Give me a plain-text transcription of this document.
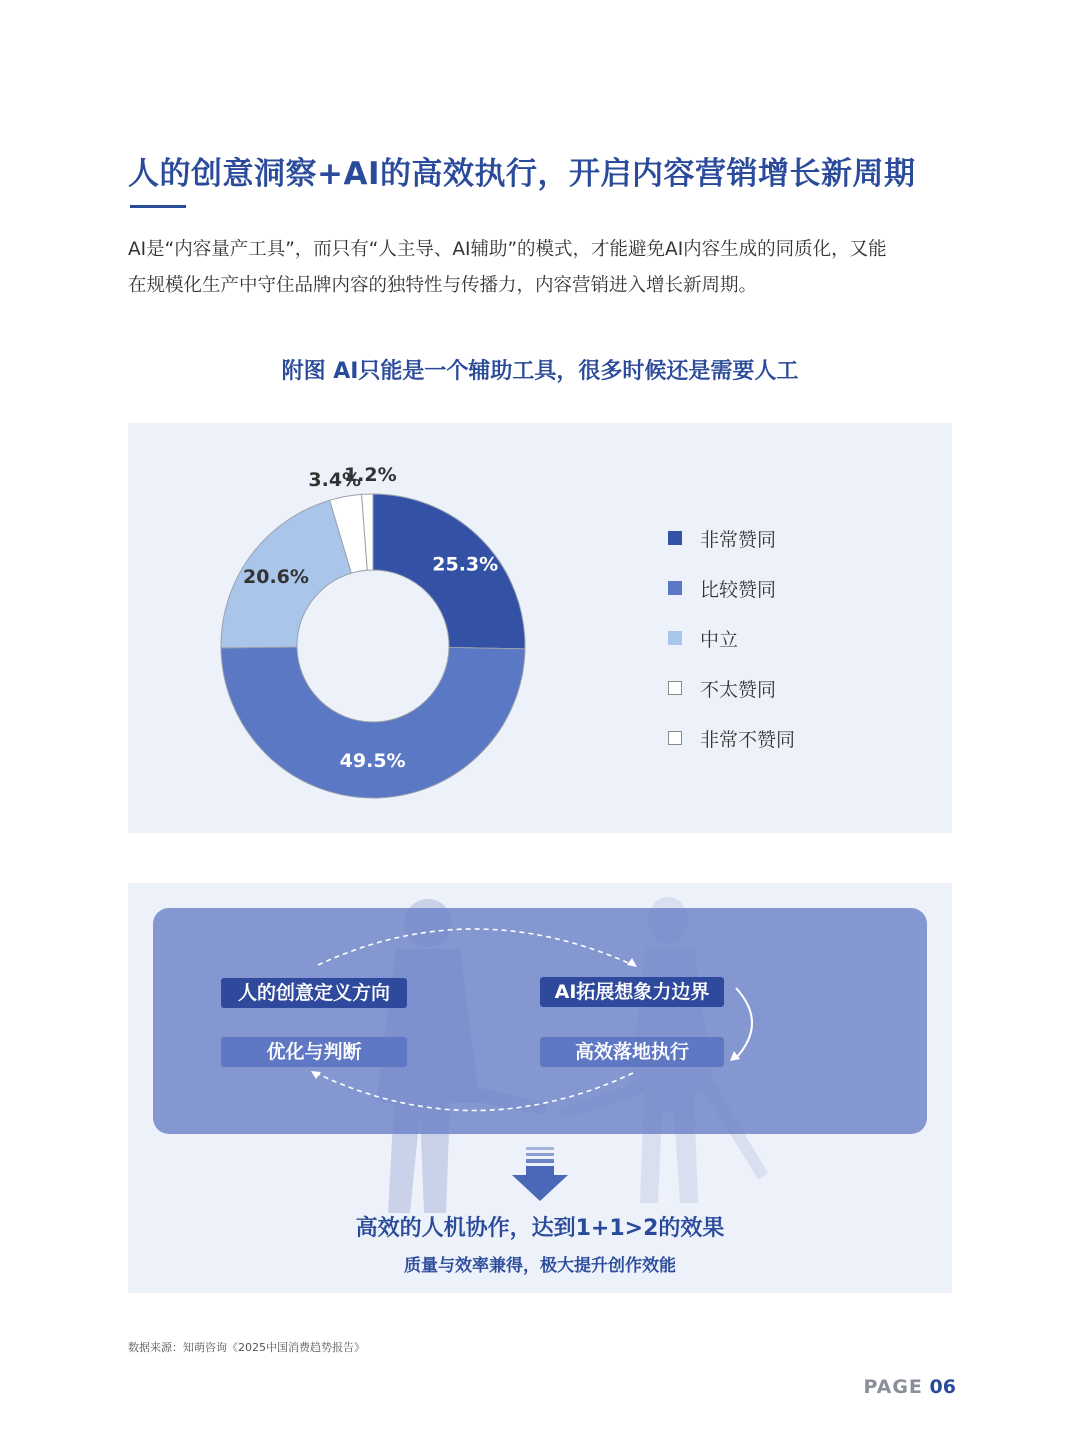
人的创意洞察+AI的高效执行，开启内容营销增长新周期

AI是“内容量产工具”，而只有“人主导、AI辅助”的模式，才能避免AI内容生成的同质化，又能

在规模化生产中守住品牌内容的独特性与传播力，内容营销进入增长新周期。

附图 AI只能是一个辅助工具，很多时候还是需要人工
25.3%
49.5%
20.6%
3.4%
1.2%
非常赞同
比较赞同
中立
不太赞同
非常不赞同
人的创意定义方向	AI拓展想象力边界
优化与判断	高效落地执行
高效的人机协作，达到1+1>2的效果
质量与效率兼得，极大提升创作效能
数据来源：知萌咨询《2025中国消费趋势报告》
PAGE 06
